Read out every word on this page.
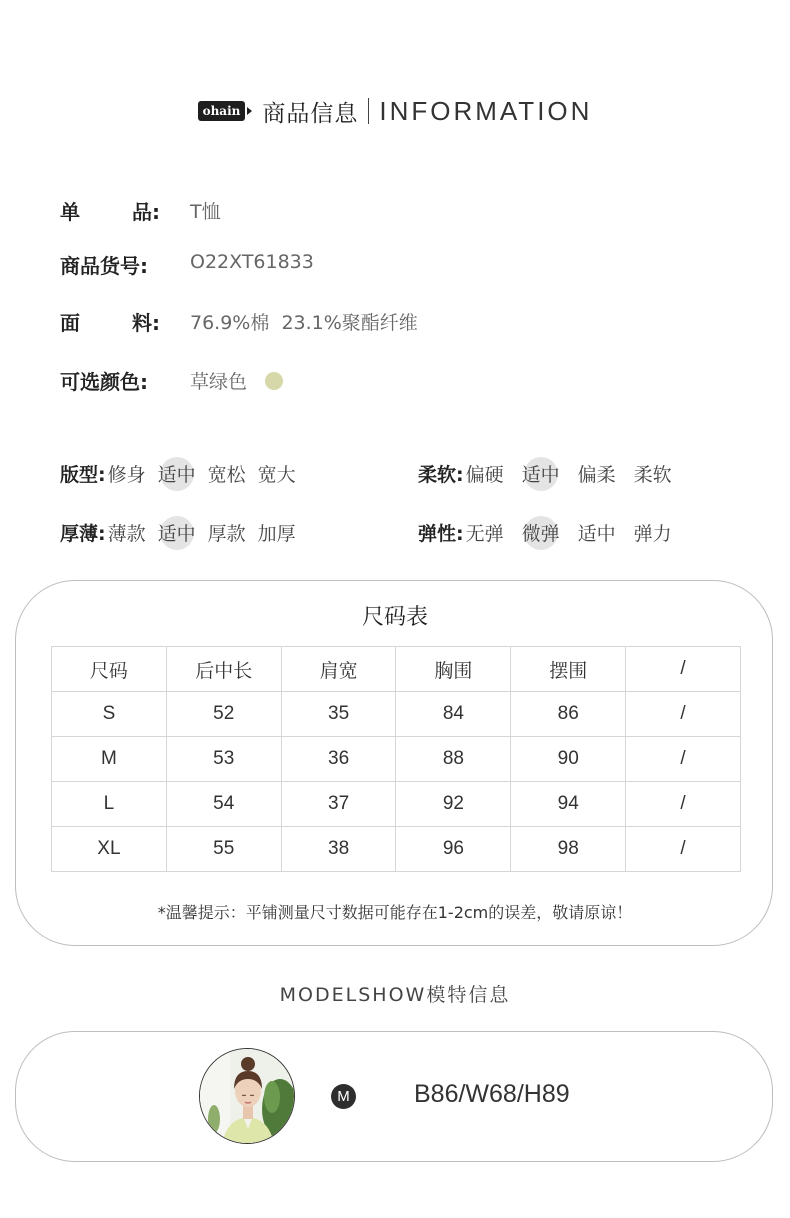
ohain 商品信息 INFORMATION
单	品: T恤
商品货号:	O22XT61833
面	料: 76.9%棉  23.1%聚酯纤维
可选颜色:	草绿色
版型: 修身 适中 宽松 宽大	柔软: 偏硬 适中 偏柔 柔软
厚薄: 薄款 适中 厚款 加厚	弹性: 无弹 微弹 适中 弹力
尺码表
尺码	后中长	肩宽	胸围	摆围	/
S	52	35	84	86	/
M	53	36	88	90	/
L	54	37	92	94	/
XL	55	38	96	98	/
*温馨提示：平铺测量尺寸数据可能存在1-2cm的误差，敬请原谅！
MODELSHOW模特信息
M	B86/W68/H89
